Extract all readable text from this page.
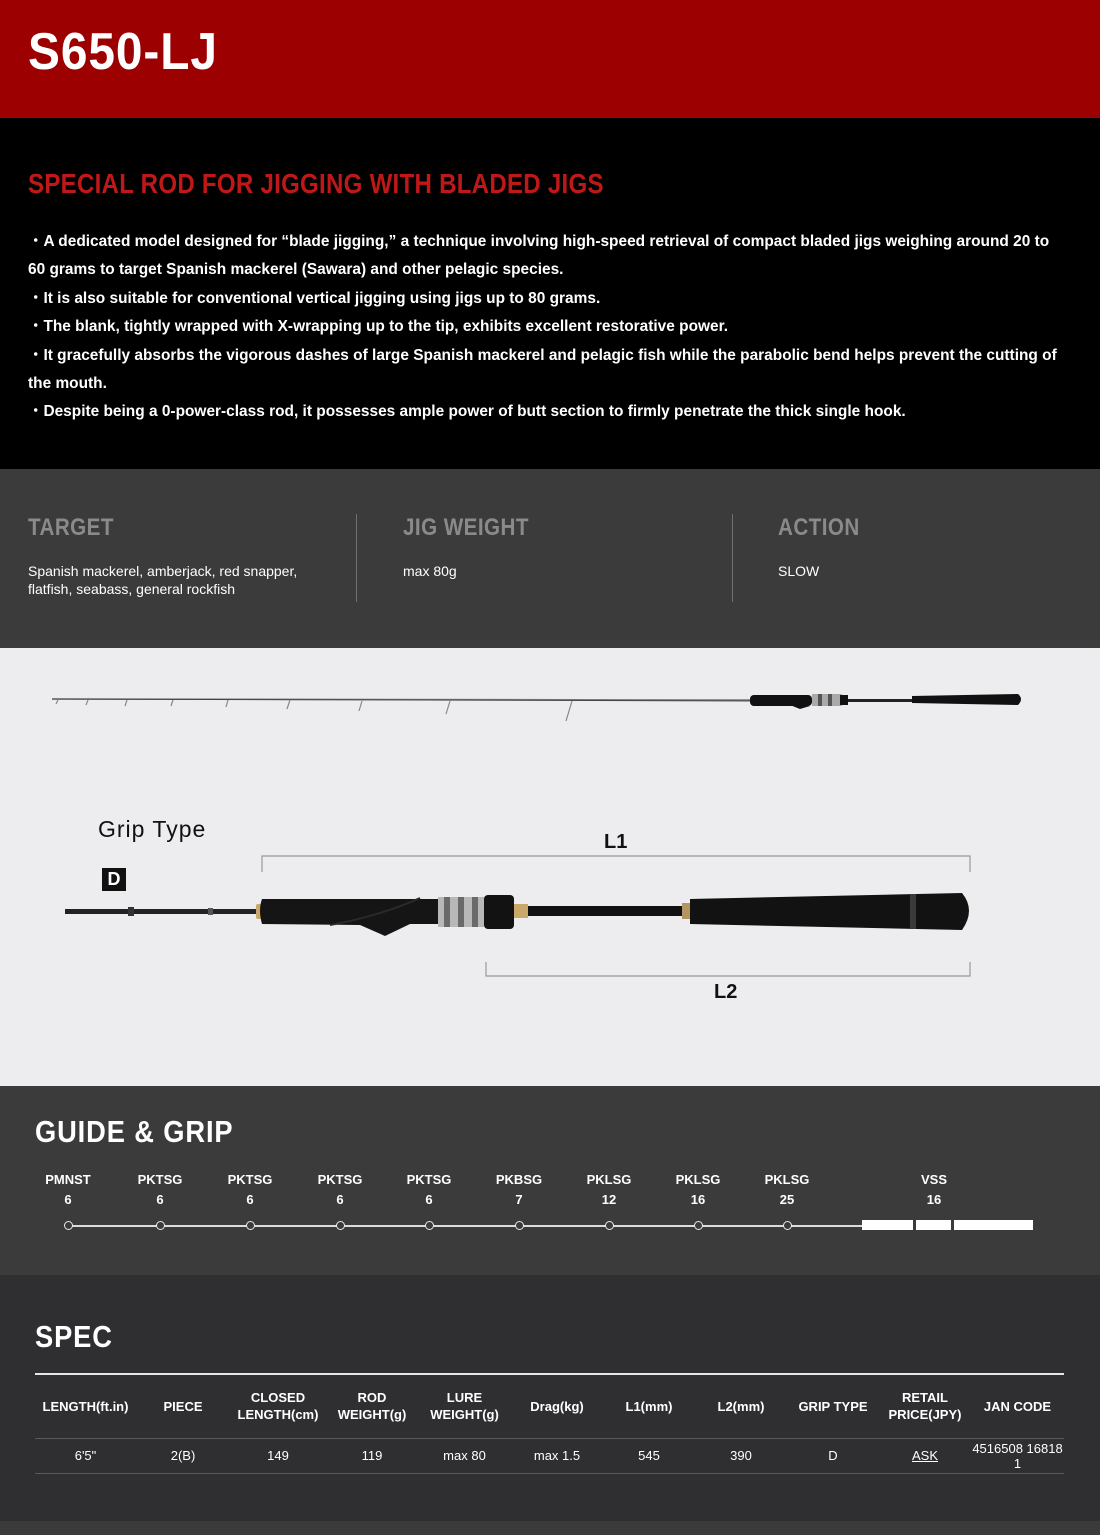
S650-LJ
SPECIAL ROD FOR JIGGING WITH BLADED JIGS

・A dedicated model designed for “blade jigging,” a technique involving high-speed retrieval of compact bladed jigs weighing around 20 to 60 grams to target Spanish mackerel (Sawara) and other pelagic species.

・It is also suitable for conventional vertical jigging using jigs up to 80 grams.

・The blank, tightly wrapped with X-wrapping up to the tip, exhibits excellent restorative power.

・It gracefully absorbs the vigorous dashes of large Spanish mackerel and pelagic fish while the parabolic bend helps prevent the cutting of the mouth.

・Despite being a 0-power-class rod, it possesses ample power of butt section to firmly penetrate the thick single hook.

TARGET
Spanish mackerel, amberjack, red snapper, flatfish, seabass, general rockfish
JIG WEIGHT
max 80g
ACTION
SLOW
Grip Type
D
L1
L2
GUIDE & GRIP
PMNST
6
PKTSG
6
PKTSG
6
PKTSG
6
PKTSG
6
PKBSG
7
PKLSG
12
PKLSG
16
PKLSG
25
VSS
16
SPEC
LENGTH(ft.in)	PIECE	CLOSED LENGTH(cm)	ROD WEIGHT(g)	LURE WEIGHT(g)	Drag(kg)	L1(mm)	L2(mm)	GRIP TYPE	RETAIL PRICE(JPY)	JAN CODE
6'5"	2(B)	149	119	max 80	max 1.5	545	390	D	ASK	4516508 16818 1
